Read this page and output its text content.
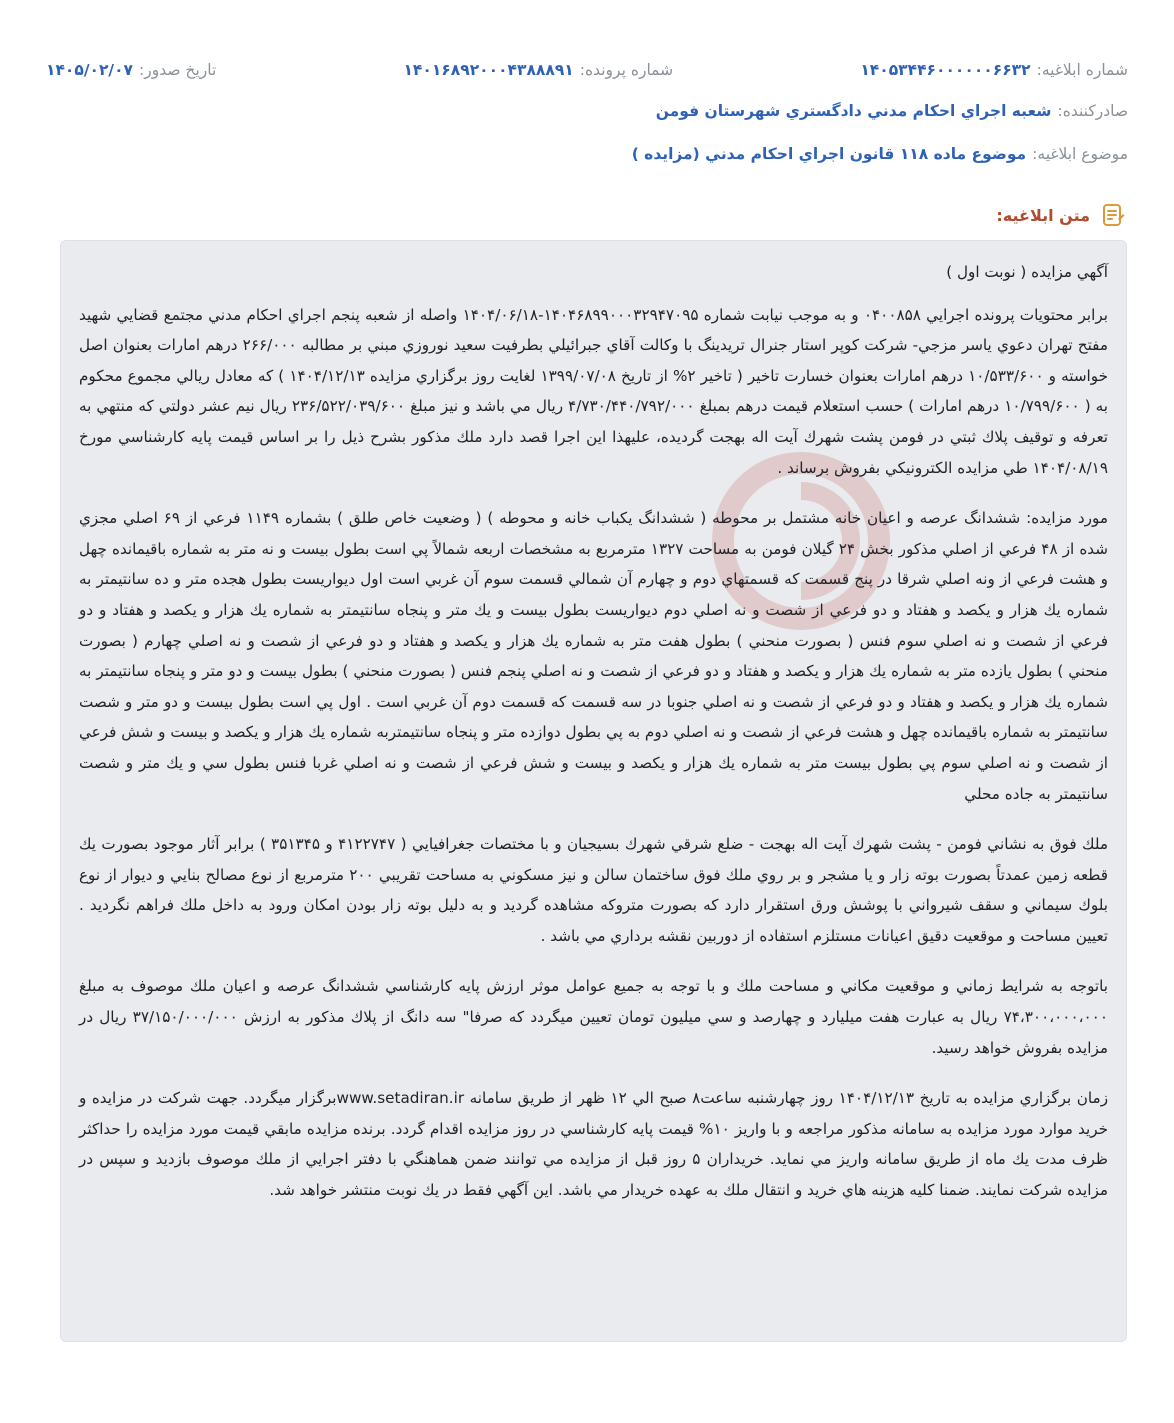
شماره ابلاغیه:
۱۴۰۵۳۴۴۶۰۰۰۰۰۰۶۶۳۲
شماره پرونده:
۱۴۰۱۶۸۹۲۰۰۰۴۳۸۸۸۹۱
تاریخ صدور:
۱۴۰۵/۰۲/۰۷
صادرکننده:
شعبه اجراي احكام مدني دادگستري شهرستان فومن
موضوع ابلاغیه:
موضوع ماده ۱۱۸ قانون اجراي احكام مدني (مزايده )
متن ابلاغیه:

آگهي مزايده ( نوبت اول )

برابر محتويات پرونده اجرايي ۰۴۰۰۸۵۸ و به موجب نيابت شماره ۱۴۰۴۶۸۹۹۰۰۰۳۲۹۴۷۰۹۵-۱۴۰۴/۰۶/۱۸ واصله از شعبه پنجم اجراي احكام مدني مجتمع قضايي شهيد مفتح تهران دعوي ياسر مزجي- شركت كوپر استار جنرال تريدينگ با وكالت آقاي جبرائيلي بطرفيت سعيد نوروزي مبني بر مطالبه ۲۶۶/۰۰۰ درهم امارات بعنوان اصل خواسته و ۱۰/۵۳۳/۶۰۰ درهم امارات بعنوان خسارت تاخير ( تاخير ۲% از تاريخ ۱۳۹۹/۰۷/۰۸ لغايت روز برگزاري مزايده ۱۴۰۴/۱۲/۱۳ ) كه معادل ريالي مجموع محكوم به ( ۱۰/۷۹۹/۶۰۰ درهم امارات ) حسب استعلام قيمت درهم بمبلغ ۴/۷۳۰/۴۴۰/۷۹۲/۰۰۰ ريال مي باشد و نيز مبلغ ۲۳۶/۵۲۲/۰۳۹/۶۰۰ ريال نيم عشر دولتي كه منتهي به تعرفه و توقيف پلاك ثبتي در فومن پشت شهرك آيت اله بهجت گرديده، عليهذا اين اجرا قصد دارد ملك مذكور بشرح ذيل را بر اساس قيمت پايه كارشناسي مورخ ۱۴۰۴/۰۸/۱۹ طي مزايده الكترونيكي بفروش برساند .

مورد مزايده: ششدانگ عرصه و اعيان خانه مشتمل بر محوطه ( ششدانگ يكباب خانه و محوطه ) ( وضعيت خاص طلق ) بشماره ۱۱۴۹ فرعي از ۶۹ اصلي مجزي شده از ۴۸ فرعي از اصلي مذكور بخش ۲۴ گيلان فومن به مساحت ۱۳۲۷ مترمربع به مشخصات اربعه شمالاً پي است بطول بيست و نه متر به شماره باقيمانده چهل و هشت فرعي از ونه اصلي شرقا در پنج قسمت كه قسمتهاي دوم و چهارم آن شمالي قسمت سوم آن غربي است اول ديواريست بطول هجده متر و ده سانتيمتر به شماره يك هزار و يكصد و هفتاد و دو فرعي از شصت و نه اصلي دوم ديواريست بطول بيست و يك متر و پنجاه سانتيمتر به شماره يك هزار و يكصد و هفتاد و دو فرعي از شصت و نه اصلي سوم فنس ( بصورت منحني ) بطول هفت متر به شماره يك هزار و يكصد و هفتاد و دو فرعي از شصت و نه اصلي چهارم ( بصورت منحني ) بطول يازده متر به شماره يك هزار و يكصد و هفتاد و دو فرعي از شصت و نه اصلي پنجم فنس ( بصورت منحني ) بطول بيست و دو متر و پنجاه سانتيمتر به شماره يك هزار و يكصد و هفتاد و دو فرعي از شصت و نه اصلي جنوبا در سه قسمت كه قسمت دوم آن غربي است . اول پي است بطول بيست و دو متر و شصت سانتيمتر به شماره باقيمانده چهل و هشت فرعي از شصت و نه اصلي دوم به پي بطول دوازده متر و پنجاه سانتيمتربه شماره يك هزار و يكصد و بيست و شش فرعي از شصت و نه اصلي سوم پي بطول بيست متر به شماره يك هزار و يكصد و بيست و شش فرعي از شصت و نه اصلي غربا فنس بطول سي و يك متر و شصت سانتيمتر به جاده محلي

ملك فوق به نشاني فومن - پشت شهرك آيت اله بهجت - ضلع شرقي شهرك بسيجيان و با مختصات جغرافيايي ( ۴۱۲۲۷۴۷ و ۳۵۱۳۴۵ ) برابر آثار موجود بصورت يك قطعه زمين عمدتاً بصورت بوته زار و يا مشجر و بر روي ملك فوق ساختمان سالن و نيز مسكوني به مساحت تقريبي ۲۰۰ مترمربع از نوع مصالح بنايي و ديوار از نوع بلوك سيماني و سقف شيرواني با پوشش ورق استقرار دارد كه بصورت متروكه مشاهده گرديد و به دليل بوته زار بودن امكان ورود به داخل ملك فراهم نگرديد . تعيين مساحت و موقعيت دقيق اعيانات مستلزم استفاده از دوربين نقشه برداري مي باشد .

باتوجه به شرايط زماني و موقعيت مكاني و مساحت ملك و با توجه به جميع عوامل موثر ارزش پايه كارشناسي ششدانگ عرصه و اعيان ملك موصوف به مبلغ ۷۴،۳۰۰،۰۰۰،۰۰۰ ريال به عبارت هفت ميليارد و چهارصد و سي ميليون تومان تعيين ميگردد كه صرفا" سه دانگ از پلاك مذكور به ارزش ۳۷/۱۵۰/۰۰۰/۰۰۰ ريال در مزايده بفروش خواهد رسيد.

زمان برگزاري مزايده به تاريخ ۱۴۰۴/۱۲/۱۳ روز چهارشنبه ساعت۸ صبح الي ۱۲ ظهر از طريق سامانه www.setadiran.irبرگزار ميگردد. جهت شركت در مزايده و خريد موارد مورد مزايده به سامانه مذكور مراجعه و با واريز ۱۰% قيمت پايه كارشناسي در روز مزايده اقدام گردد. برنده مزايده مابقي قيمت مورد مزايده را حداكثر ظرف مدت يك ماه از طريق سامانه واريز مي نمايد. خريداران ۵ روز قبل از مزايده مي توانند ضمن هماهنگي با دفتر اجرايي از ملك موصوف بازديد و سپس در مزايده شركت نمايند. ضمنا كليه هزينه هاي خريد و انتقال ملك به عهده خريدار مي باشد. اين آگهي فقط در يك نوبت منتشر خواهد شد.
